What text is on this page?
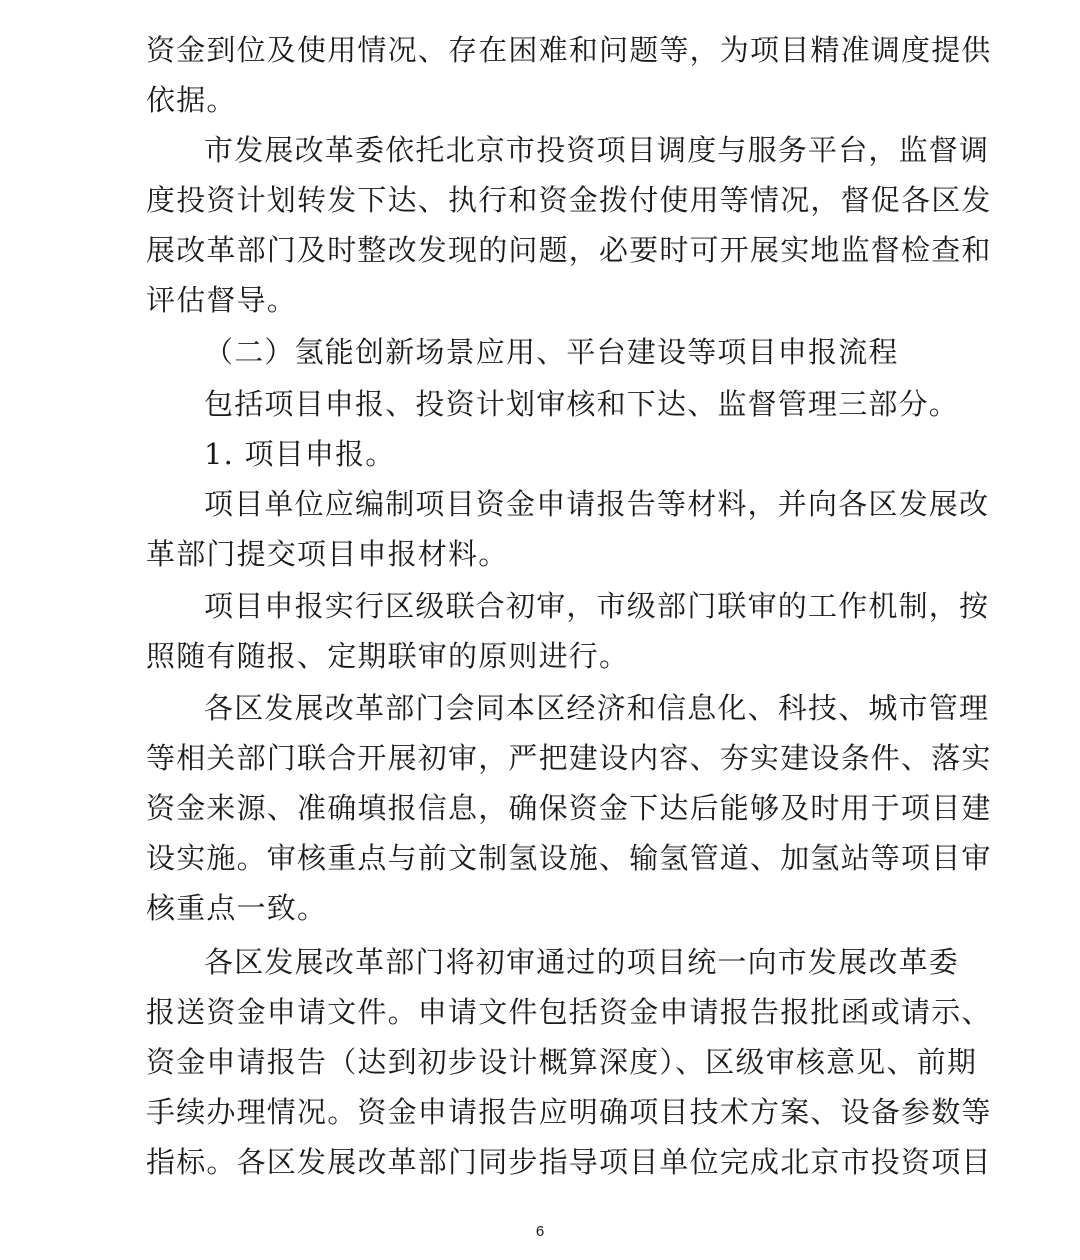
资金到位及使用情况、存在困难和问题等，为项目精准调度提供
依据。
市发展改革委依托北京市投资项目调度与服务平台，监督调
度投资计划转发下达、执行和资金拨付使用等情况，督促各区发
展改革部门及时整改发现的问题，必要时可开展实地监督检查和
评估督导。
（二）氢能创新场景应用、平台建设等项目申报流程
包括项目申报、投资计划审核和下达、监督管理三部分。
1. 项目申报。
项目单位应编制项目资金申请报告等材料，并向各区发展改
革部门提交项目申报材料。
项目申报实行区级联合初审，市级部门联审的工作机制，按
照随有随报、定期联审的原则进行。
各区发展改革部门会同本区经济和信息化、科技、城市管理
等相关部门联合开展初审，严把建设内容、夯实建设条件、落实
资金来源、准确填报信息，确保资金下达后能够及时用于项目建
设实施。审核重点与前文制氢设施、输氢管道、加氢站等项目审
核重点一致。
各区发展改革部门将初审通过的项目统一向市发展改革委
报送资金申请文件。申请文件包括资金申请报告报批函或请示、
资金申请报告（达到初步设计概算深度）、区级审核意见、前期
手续办理情况。资金申请报告应明确项目技术方案、设备参数等
指标。各区发展改革部门同步指导项目单位完成北京市投资项目
6
